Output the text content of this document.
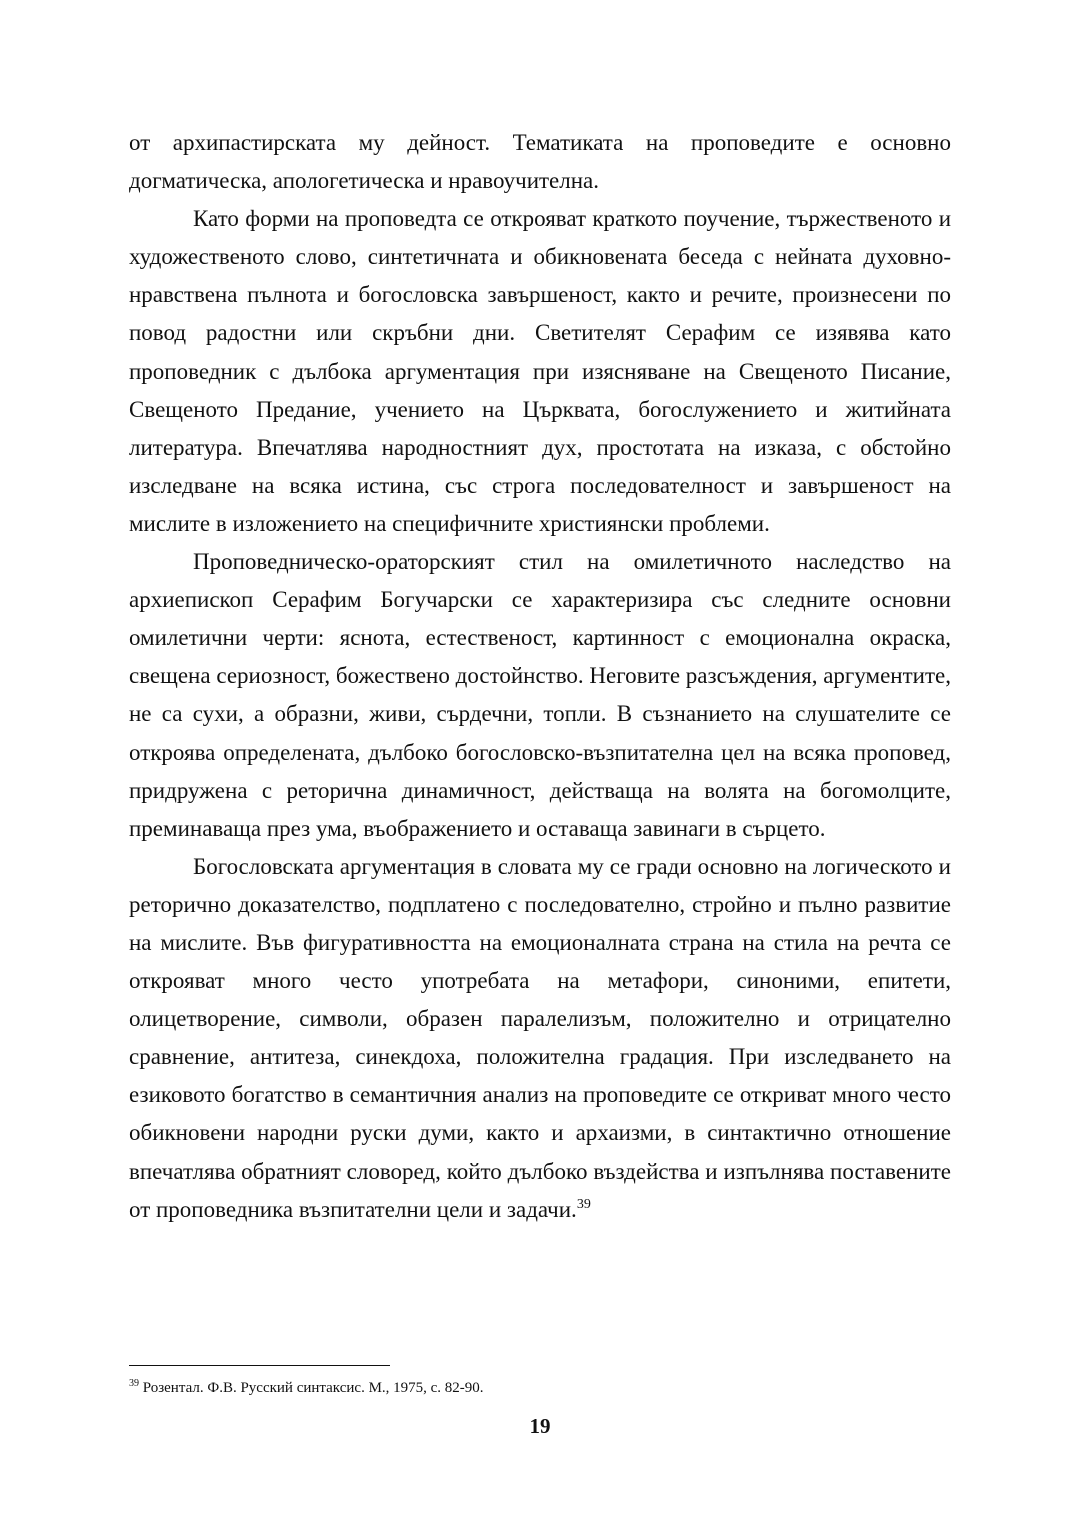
от архипастирската му дейност. Тематиката на проповедите е основно догматическа, апологетическа и нравоучителна.

Като форми на проповедта се открояват краткото поучение, тържественото и художественото слово, синтетичната и обикновената беседа с нейната духовно-нравствена пълнота и богословска завършеност, както и речите, произнесени по повод радостни или скръбни дни. Светителят Серафим се изявява като проповедник с дълбока аргументация при изясняване на Свещеното Писание, Свещеното Предание, учението на Църквата, богослужението и житийната литература. Впечатлява народностният дух, простотата на изказа, с обстойно изследване на всяка истина, със строга последователност и завършеност на мислите в изложението на специфичните християнски проблеми.

Проповедническо-ораторският стил на омилетичното наследство на архиепископ Серафим Богучарски се характеризира със следните основни омилетични черти: яснота, естественост, картинност с емоционална окраска, свещена сериозност, божествено достойнство. Неговите разсъждения, аргументите, не са сухи, а образни, живи, сърдечни, топли. В съзнанието на слушателите се откроява определената, дълбоко богословско-възпитателна цел на всяка проповед, придружена с реторична динамичност, действаща на волята на богомолците, преминаваща през ума, въображението и оставаща завинаги в сърцето.

Богословската аргументация в словата му се гради основно на логическото и реторично доказателство, подплатено с последователно, стройно и пълно развитие на мислите. Във фигуративността на емоционалната страна на стила на речта се открояват много често употребата на метафори, синоними, епитети, олицетворение, символи, образен паралелизъм, положително и отрицателно сравнение, антитеза, синекдоха, положителна градация. При изследването на езиковото богатство в семантичния анализ на проповедите се откриват много често обикновени народни руски думи, както и архаизми, в синтактично отношение впечатлява обратният словоред, който дълбоко въздейства и изпълнява поставените от проповедника възпитателни цели и задачи.$^{39}$

$^{39}$ Розентал. Ф.В. Русский синтаксис. М., 1975, с. 82-90.
19
